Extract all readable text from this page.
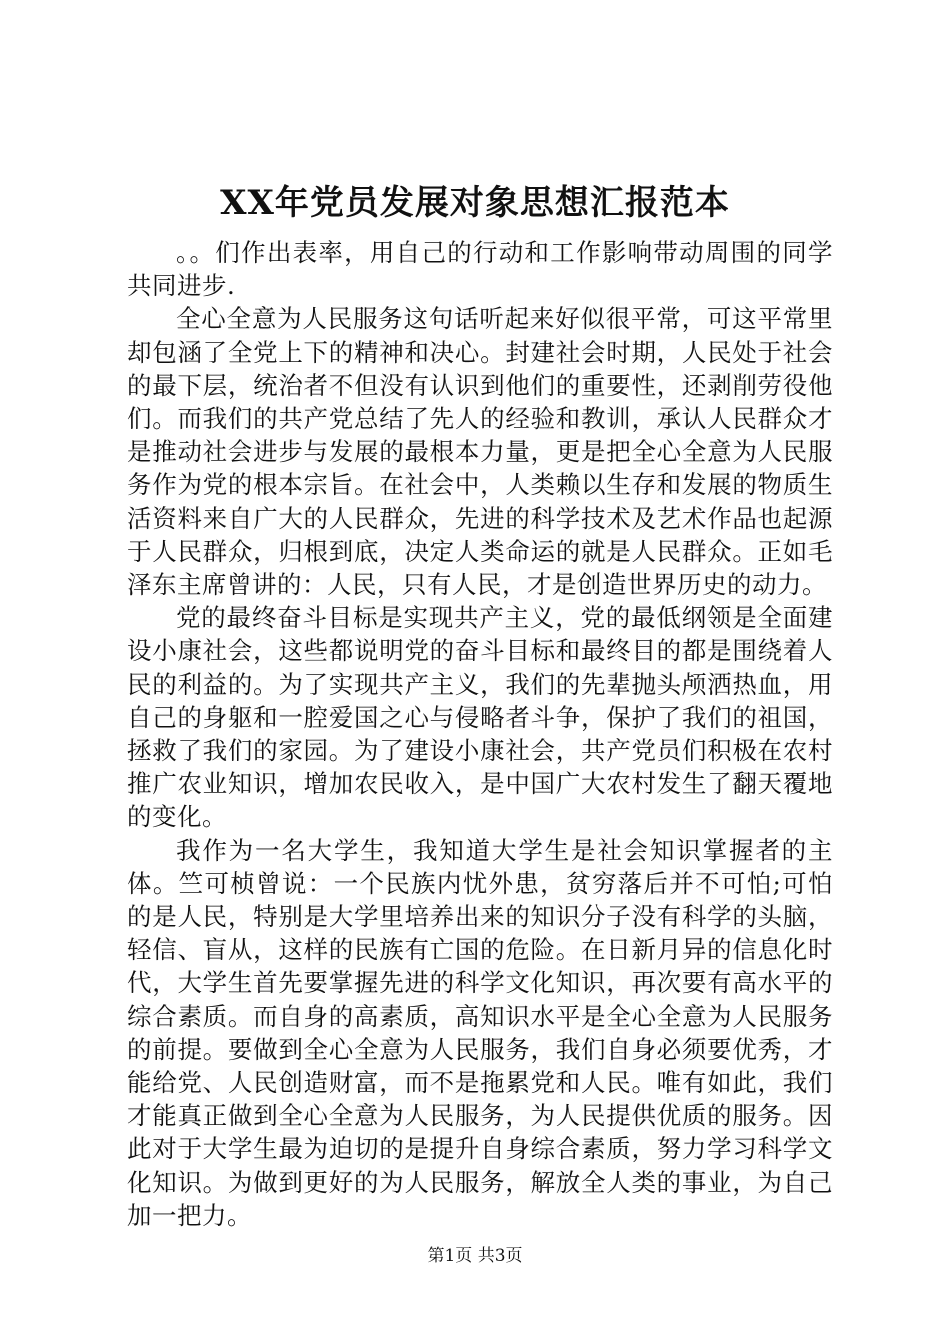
XX年党员发展对象思想汇报范本

。。们作出表率，用自己的行动和工作影响带动周围的同学共同进步.

全心全意为人民服务这句话听起来好似很平常，可这平常里却包涵了全党上下的精神和决心。封建社会时期，人民处于社会的最下层，统治者不但没有认识到他们的重要性，还剥削劳役他们。而我们的共产党总结了先人的经验和教训，承认人民群众才是推动社会进步与发展的最根本力量，更是把全心全意为人民服务作为党的根本宗旨。在社会中，人类赖以生存和发展的物质生活资料来自广大的人民群众，先进的科学技术及艺术作品也起源于人民群众，归根到底，决定人类命运的就是人民群众。正如毛泽东主席曾讲的：人民，只有人民，才是创造世界历史的动力。

党的最终奋斗目标是实现共产主义，党的最低纲领是全面建设小康社会，这些都说明党的奋斗目标和最终目的都是围绕着人民的利益的。为了实现共产主义，我们的先辈抛头颅洒热血，用自己的身躯和一腔爱国之心与侵略者斗争，保护了我们的祖国，拯救了我们的家园。为了建设小康社会，共产党员们积极在农村推广农业知识，增加农民收入，是中国广大农村发生了翻天覆地的变化。

我作为一名大学生，我知道大学生是社会知识掌握者的主体。竺可桢曾说：一个民族内忧外患，贫穷落后并不可怕;可怕的是人民，特别是大学里培养出来的知识分子没有科学的头脑，轻信、盲从，这样的民族有亡国的危险。在日新月异的信息化时代，大学生首先要掌握先进的科学文化知识，再次要有高水平的综合素质。而自身的高素质，高知识水平是全心全意为人民服务的前提。要做到全心全意为人民服务，我们自身必须要优秀，才能给党、人民创造财富，而不是拖累党和人民。唯有如此，我们才能真正做到全心全意为人民服务，为人民提供优质的服务。因此对于大学生最为迫切的是提升自身综合素质，努力学习科学文化知识。为做到更好的为人民服务，解放全人类的事业，为自己加一把力。

第1页 共3页
